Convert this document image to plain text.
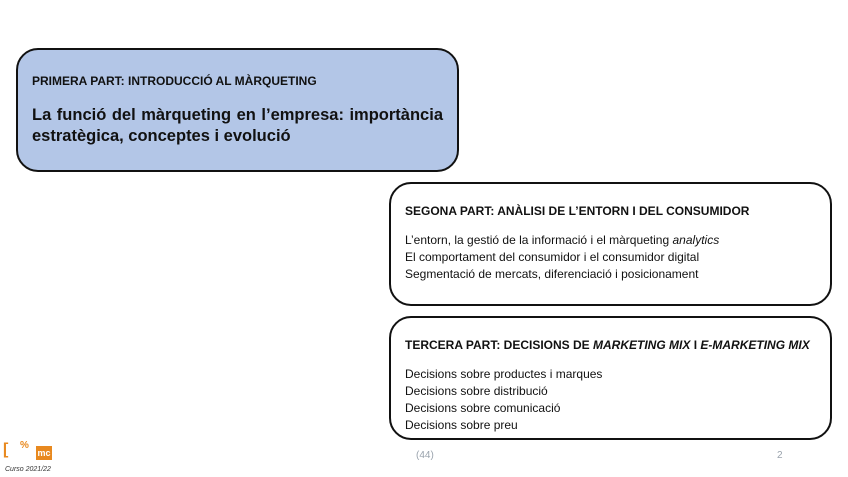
PRIMERA PART: INTRODUCCIÓ AL MÀRQUETING
La funció del màrqueting en l’empresa: importància estratègica, conceptes i evolució
SEGONA PART: ANÀLISI DE L’ENTORN I DEL CONSUMIDOR
L’entorn, la gestió de la informació i el màrqueting analytics
El comportament del consumidor i el consumidor digital
Segmentació de mercats, diferenciació i posicionament
TERCERA PART: DECISIONS DE MARKETING MIX I E-MARKETING MIX
Decisions sobre productes i marques
Decisions sobre distribució
Decisions sobre comunicació
Decisions sobre preu
[ %
mc
Curso 2021/22
(44)	2
